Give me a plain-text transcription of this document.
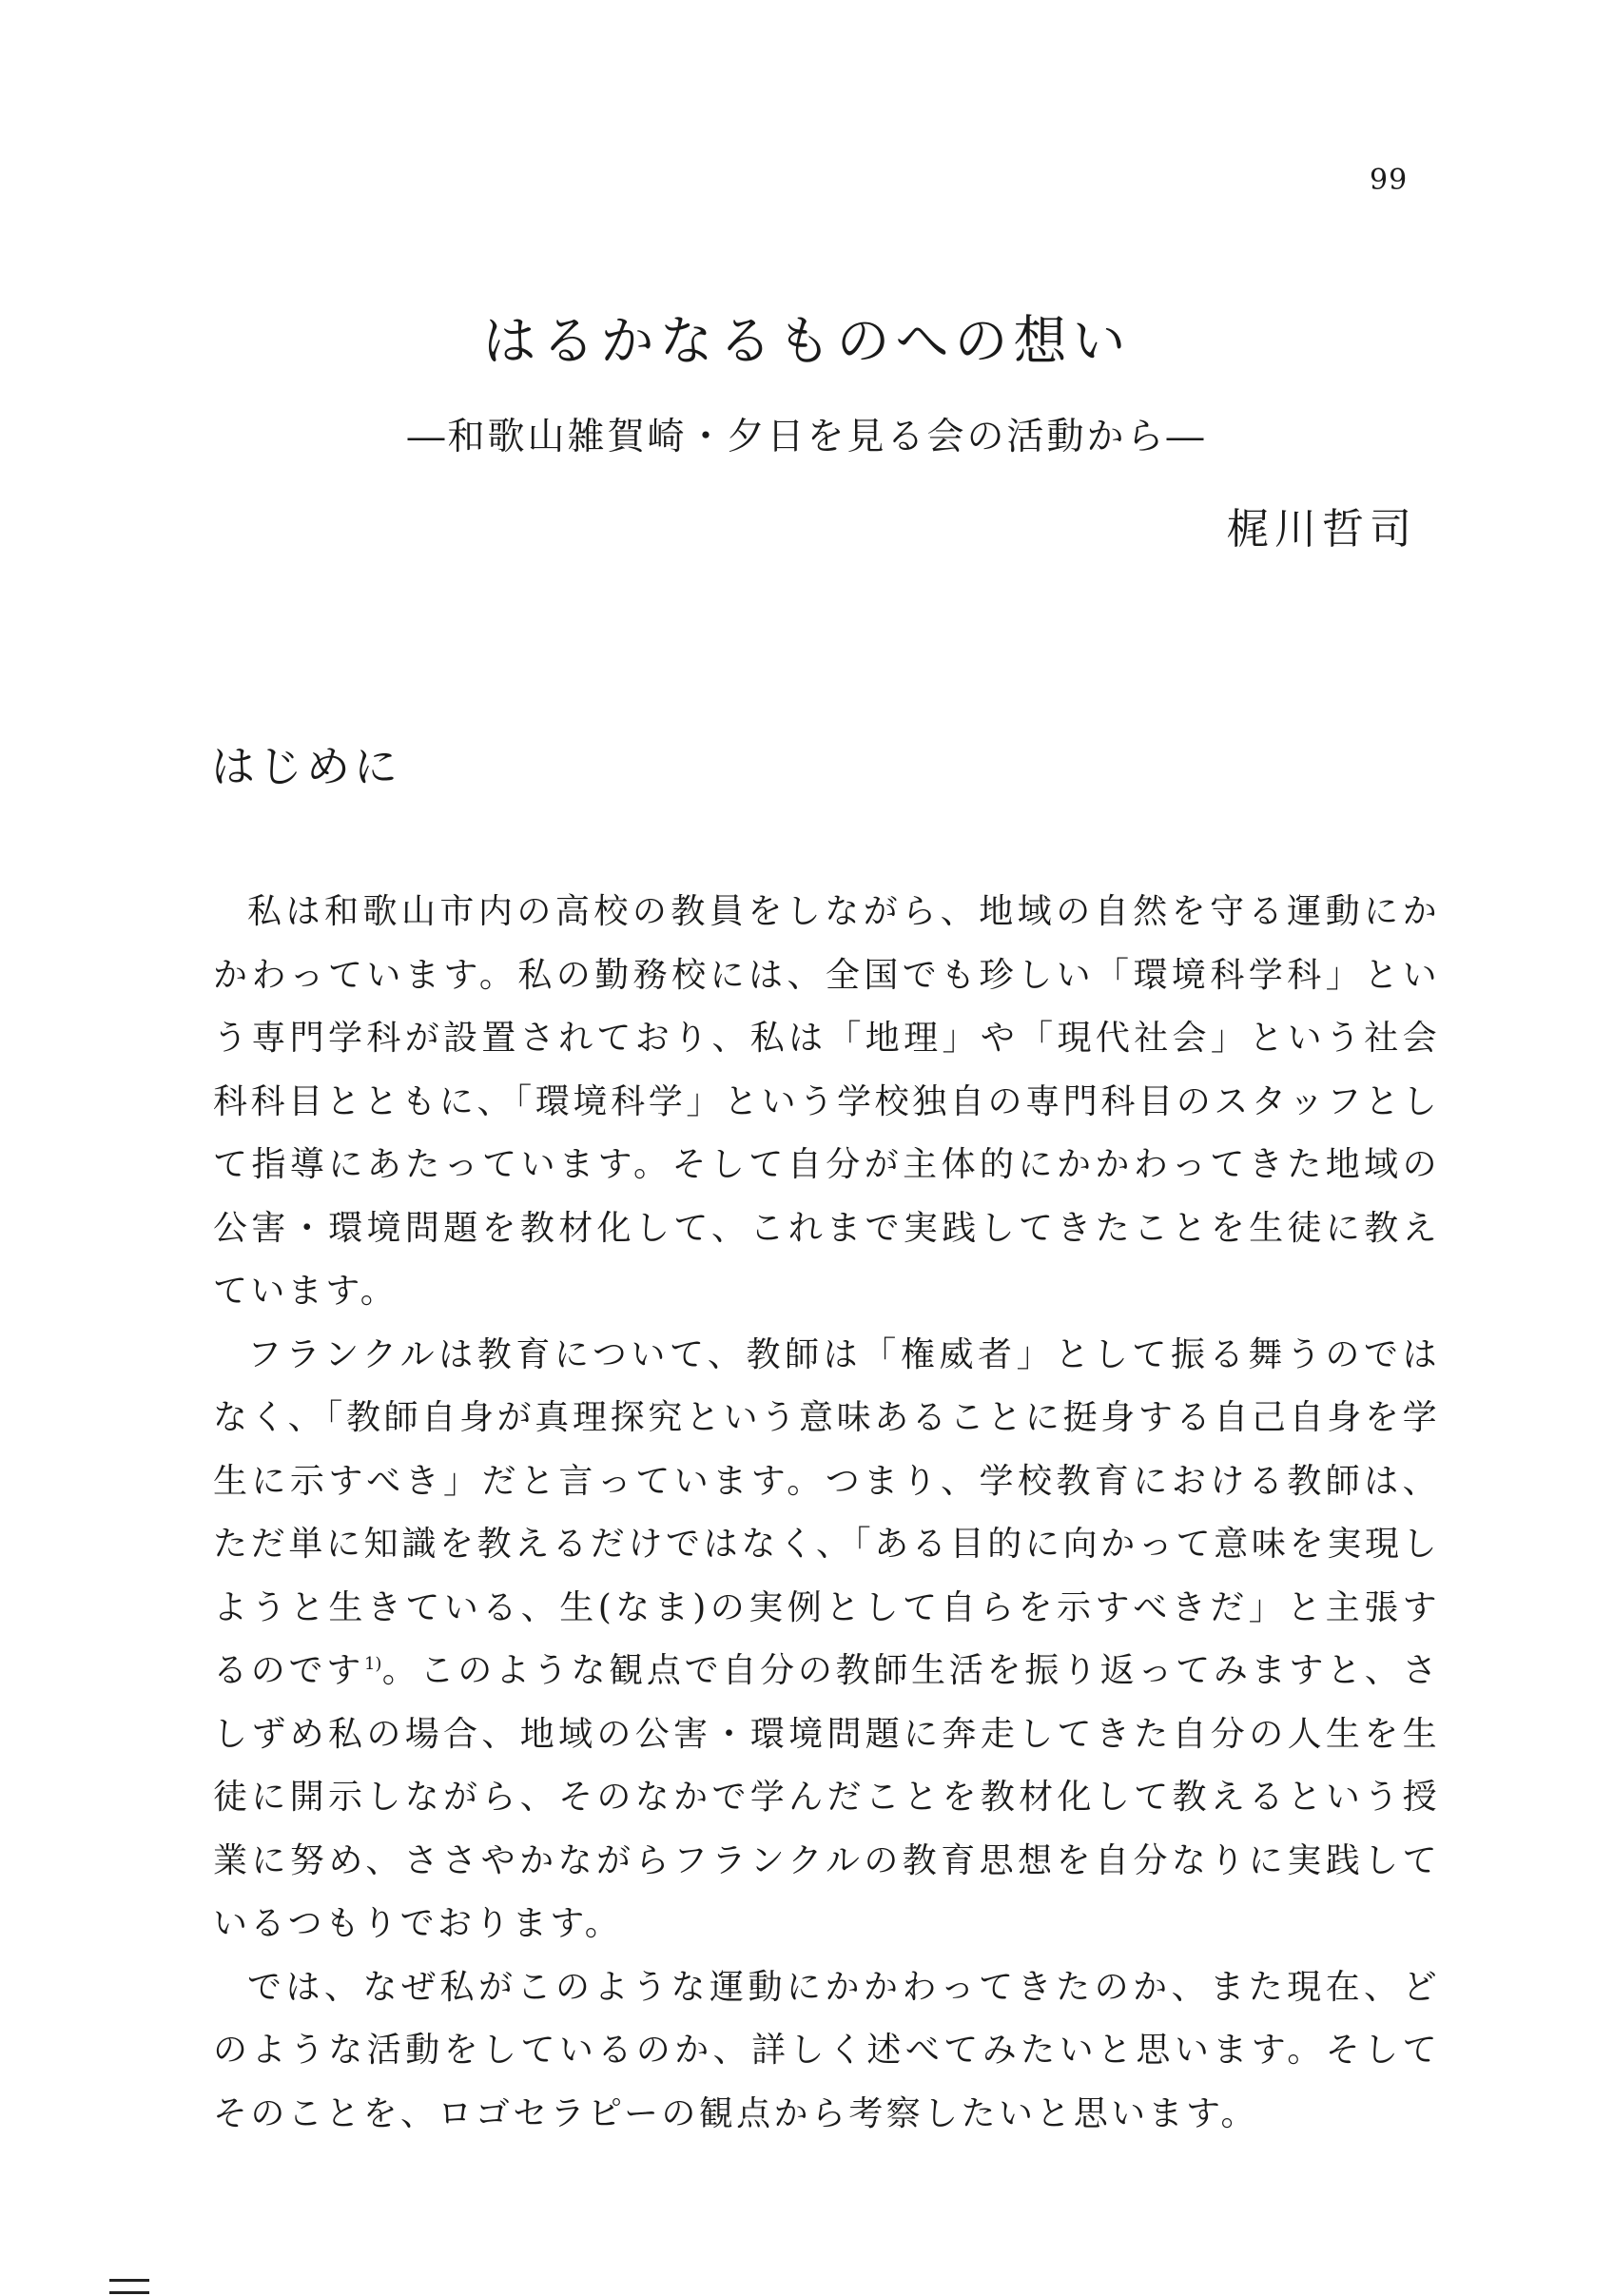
99
はるかなるものへの想い
―和歌山雑賀崎・夕日を見る会の活動から―
梶川哲司
はじめに

私は和歌山市内の高校の教員をしながら、地域の自然を守る運動にかかわっています。私の勤務校には、全国でも珍しい「環境科学科」という専門学科が設置されており、私は「地理」や「現代社会」という社会科科目とともに、「環境科学」という学校独自の専門科目のスタッフとして指導にあたっています。そして自分が主体的にかかわってきた地域の公害・環境問題を教材化して、これまで実践してきたことを生徒に教えています。

フランクルは教育について、教師は「権威者」として振る舞うのではなく、「教師自身が真理探究という意味あることに挺身する自己自身を学生に示すべき」だと言っています。つまり、学校教育における教師は、ただ単に知識を教えるだけではなく、「ある目的に向かって意味を実現しようと生きている、生(なま)の実例として自らを示すべきだ」と主張するのです$^{1)}$。このような観点で自分の教師生活を振り返ってみますと、さしずめ私の場合、地域の公害・環境問題に奔走してきた自分の人生を生徒に開示しながら、そのなかで学んだことを教材化して教えるという授業に努め、ささやかながらフランクルの教育思想を自分なりに実践しているつもりでおります。

では、なぜ私がこのような運動にかかわってきたのか、また現在、どのような活動をしているのか、詳しく述べてみたいと思います。そしてそのことを、ロゴセラピーの観点から考察したいと思います。
